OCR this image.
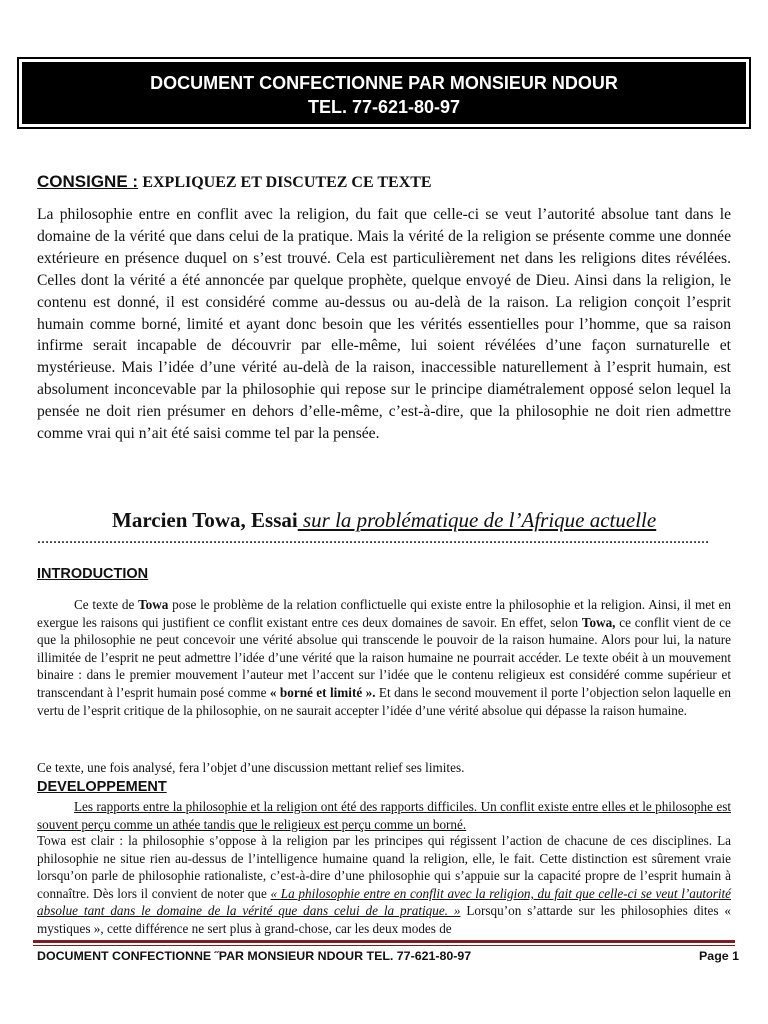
DOCUMENT CONFECTIONNE PAR MONSIEUR NDOUR
TEL. 77-621-80-97
CONSIGNE : EXPLIQUEZ ET DISCUTEZ CE TEXTE
La philosophie entre en conflit avec la religion, du fait que celle-ci se veut l’autorité absolue tant dans le domaine de la vérité que dans celui de la pratique. Mais la vérité de la religion se présente comme une donnée extérieure en présence duquel on s’est trouvé. Cela est particulièrement net dans les religions dites révélées. Celles dont la vérité a été annoncée par quelque prophète, quelque envoyé de Dieu. Ainsi dans la religion, le contenu est donné, il est considéré comme au-dessus ou au-delà de la raison. La religion conçoit l’esprit humain comme borné, limité et ayant donc besoin que les vérités essentielles pour l’homme, que sa raison infirme serait incapable de découvrir par elle-même, lui soient révélées d’une façon surnaturelle et mystérieuse. Mais l’idée d’une vérité au-delà de la raison, inaccessible naturellement à l’esprit humain, est absolument inconcevable par la philosophie qui repose sur le principe diamétralement opposé selon lequel la pensée ne doit rien présumer en dehors d’elle-même, c’est-à-dire, que la philosophie ne doit rien admettre comme vrai qui n’ait été saisi comme tel par la pensée.
Marcien Towa, Essai sur la problématique de l’Afrique actuelle
……………………………………………………………………………………………………………………………………………………
INTRODUCTION
Ce texte de Towa pose le problème de la relation conflictuelle qui existe entre la philosophie et la religion. Ainsi, il met en exergue les raisons qui justifient ce conflit existant entre ces deux domaines de savoir. En effet, selon Towa, ce conflit vient de ce que la philosophie ne peut concevoir une vérité absolue qui transcende le pouvoir de la raison humaine. Alors pour lui, la nature illimitée de l’esprit ne peut admettre l’idée d’une vérité que la raison humaine ne pourrait accéder. Le texte obéit à un mouvement binaire : dans le premier mouvement l’auteur met l’accent sur l’idée que le contenu religieux est considéré comme supérieur et transcendant à l’esprit humain posé comme « borné et limité ». Et dans le second mouvement il porte l’objection selon laquelle en vertu de l’esprit critique de la philosophie, on ne saurait accepter l’idée d’une vérité absolue qui dépasse la raison humaine.
Ce texte, une fois analysé, fera l’objet d’une discussion mettant relief ses limites.
DEVELOPPEMENT
Les rapports entre la philosophie et la religion ont été des rapports difficiles. Un conflit existe entre elles et le philosophe est souvent perçu comme un athée tandis que le religieux est perçu comme un borné.
Towa est clair : la philosophie s’oppose à la religion par les principes qui régissent l’action de chacune de ces disciplines. La philosophie ne situe rien au-dessus de l’intelligence humaine quand la religion, elle, le fait. Cette distinction est sûrement vraie lorsqu’on parle de philosophie rationaliste, c’est-à-dire d’une philosophie qui s’appuie sur la capacité propre de l’esprit humain à connaître. Dès lors il convient de noter que « La philosophie entre en conflit avec la religion, du fait que celle-ci se veut l’autorité absolue tant dans le domaine de la vérité que dans celui de la pratique. » Lorsqu’on s’attarde sur les philosophies dites « mystiques », cette différence ne sert plus à grand-chose, car les deux modes de
DOCUMENT CONFECTIONNE ˝PAR MONSIEUR NDOUR TEL. 77-621-80-97	Page 1
